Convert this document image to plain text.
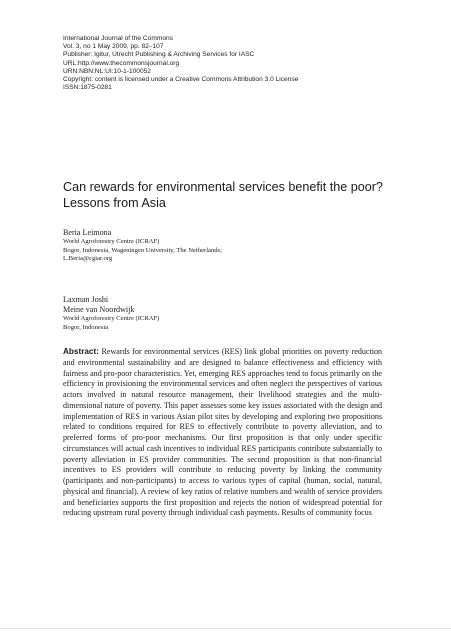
International Journal of the Commons
Vol. 3, no 1 May 2009, pp. 82–107
Publisher: Igitur, Utrecht Publishing & Archiving Services for IASC
URL:http://www.thecommonsjournal.org
URN:NBN:NL:UI:10-1-100052
Copyright: content is licensed under a Creative Commons Attribution 3.0 License
ISSN:1875-0281
Can rewards for environmental services benefit the poor? Lessons from Asia
Beria Leimona
World Agroforestry Centre (ICRAF)
Bogor, Indonesia, Wageningen University, The Netherlands;
L.Beria@cgiar.org
Laxman Joshi
Meine van Noordwijk
World Agroforestry Centre (ICRAF)
Bogor, Indonesia
Abstract: Rewards for environmental services (RES) link global priorities on poverty reduction and environmental sustainability and are designed to balance effectiveness and efficiency with fairness and pro-poor characteristics. Yet, emerging RES approaches tend to focus primarily on the efficiency in provisioning the environmental services and often neglect the perspectives of various actors involved in natural resource management, their livelihood strategies and the multi-dimensional nature of poverty. This paper assesses some key issues associated with the design and implementation of RES in various Asian pilot sites by developing and exploring two propositions related to conditions required for RES to effectively contribute to poverty alleviation, and to preferred forms of pro-poor mechanisms. Our first proposition is that only under specific circumstances will actual cash incentives to individual RES participants contribute substantially to poverty alleviation in ES provider communities. The second proposition is that non-financial incentives to ES providers will contribute to reducing poverty by linking the community (participants and non-participants) to access to various types of capital (human, social, natural, physical and financial). A review of key ratios of relative numbers and wealth of service providers and beneficiaries supports the first proposition and rejects the notion of widespread potential for reducing upstream rural poverty through individual cash payments. Results of community focus
